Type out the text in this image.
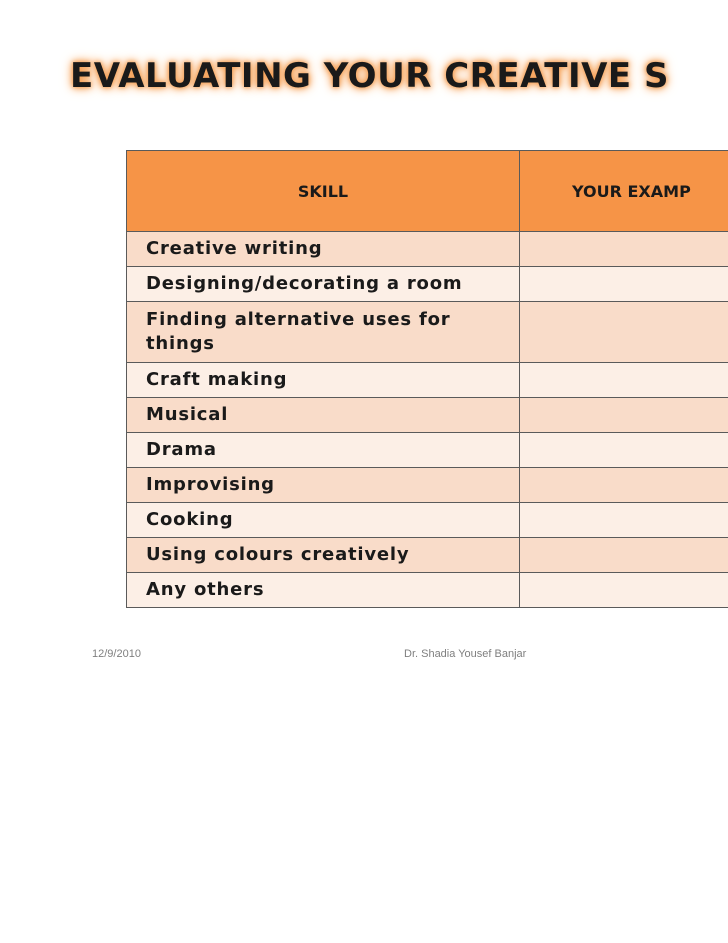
EVALUATING YOUR CREATIVE S
SKILL	YOUR EXAMP
Creative writing	
Designing/decorating a room	
Finding alternative uses for things	
Craft making	
Musical	
Drama	
Improvising	
Cooking	
Using colours creatively	
Any others	
12/9/2010	Dr. Shadia Yousef Banjar
